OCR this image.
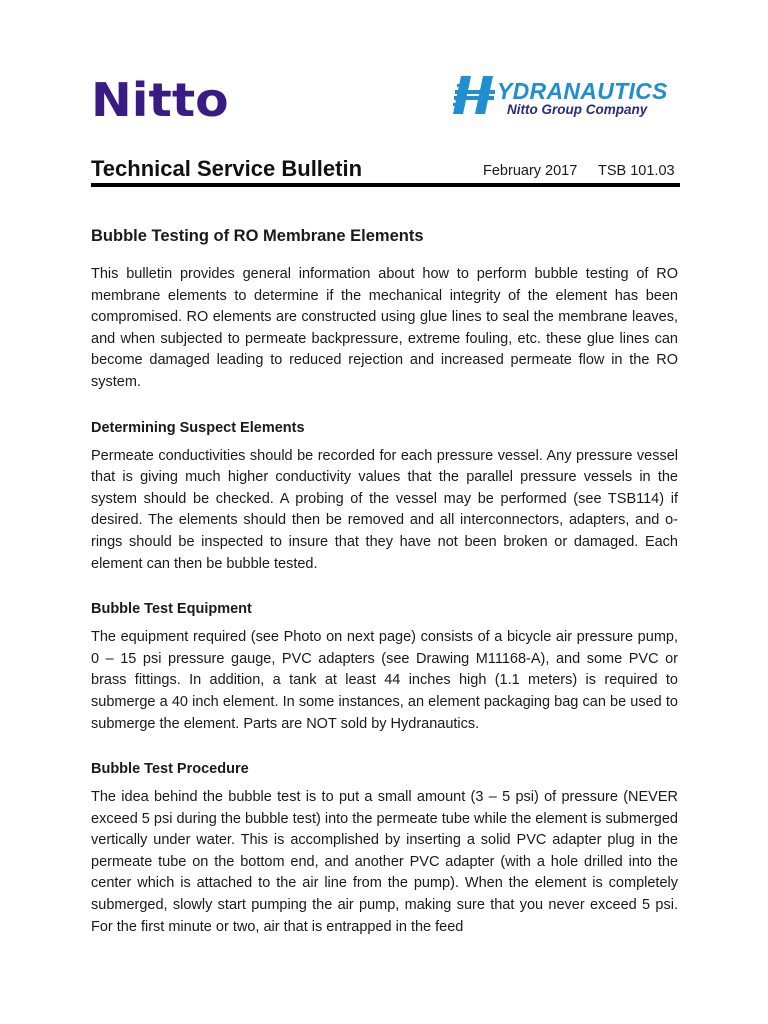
Nitto	YDRANAUTICS
Nitto Group Company
Technical Service Bulletin	February 2017 TSB 101.03
Bubble Testing of RO Membrane Elements

This bulletin provides general information about how to perform bubble testing of RO membrane elements to determine if the mechanical integrity of the element has been compromised. RO elements are constructed using glue lines to seal the membrane leaves, and when subjected to permeate backpressure, extreme fouling, etc. these glue lines can become damaged leading to reduced rejection and increased permeate flow in the RO system.

Determining Suspect Elements

Permeate conductivities should be recorded for each pressure vessel. Any pressure vessel that is giving much higher conductivity values that the parallel pressure vessels in the system should be checked. A probing of the vessel may be performed (see TSB114) if desired. The elements should then be removed and all interconnectors, adapters, and o-rings should be inspected to insure that they have not been broken or damaged. Each element can then be bubble tested.

Bubble Test Equipment

The equipment required (see Photo on next page) consists of a bicycle air pressure pump, 0 – 15 psi pressure gauge, PVC adapters (see Drawing M11168-A), and some PVC or brass fittings. In addition, a tank at least 44 inches high (1.1 meters) is required to submerge a 40 inch element. In some instances, an element packaging bag can be used to submerge the element. Parts are NOT sold by Hydranautics.

Bubble Test Procedure

The idea behind the bubble test is to put a small amount (3 – 5 psi) of pressure (NEVER exceed 5 psi during the bubble test) into the permeate tube while the element is submerged vertically under water. This is accomplished by inserting a solid PVC adapter plug in the permeate tube on the bottom end, and another PVC adapter (with a hole drilled into the center which is attached to the air line from the pump). When the element is completely submerged, slowly start pumping the air pump, making sure that you never exceed 5 psi. For the first minute or two, air that is entrapped in the feed
